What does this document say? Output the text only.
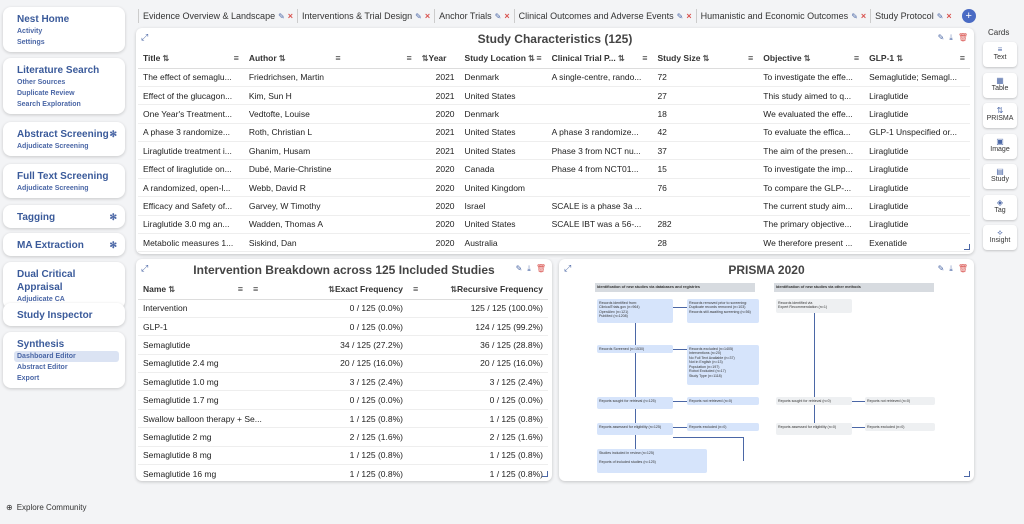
Nest Home
Activity
Settings
Literature Search
Other Sources
Duplicate Review
Search Exploration
Abstract Screening ✻
Adjudicate Screening
Full Text Screening
Adjudicate Screening
Tagging	✻
MA Extraction	✻
Dual Critical Appraisal
Adjudicate CA
Study Inspector
Synthesis
Dashboard Editor
Abstract Editor
Export
⊕ Explore Community
Evidence Overview & Landscape ✎ × Interventions & Trial Design ✎ × Anchor Trials ✎ × Clinical Outcomes and Adverse Events ✎ × Humanistic and Economic Outcomes ✎ × Study Protocol ✎ ×	+
⤢	Study Characteristics (125)	✎ ⤓ 🗑
Title ⇅ ≡	Author ⇅ ≡	≡	⇅Year	Study Location ⇅ ≡	Clinical Trial P... ⇅ ≡	Study Size ⇅ ≡	Objective ⇅ ≡	GLP-1 ⇅ ≡

The effect of semaglu...	Friedrichsen, Martin		2021	Denmark	A single-centre, rando...	72	To investigate the effe...	Semaglutide; Semagl...
Effect of the glucagon...	Kim, Sun H		2021	United States		27	This study aimed to q...	Liraglutide
One Year's Treatment...	Vedtofte, Louise		2020	Denmark		18	We evaluated the effe...	Liraglutide
A phase 3 randomize...	Roth, Christian L		2021	United States	A phase 3 randomize...	42	To evaluate the effica...	GLP-1 Unspecified or...
Liraglutide treatment i...	Ghanim, Husam		2021	United States	Phase 3 from NCT nu...	37	The aim of the presen...	Liraglutide
Effect of liraglutide on...	Dubé, Marie-Christine		2020	Canada	Phase 4 from NCT01...	15	To investigate the imp...	Liraglutide
A randomized, open-l...	Webb, David R		2020	United Kingdom		76	To compare the GLP-...	Liraglutide
Efficacy and Safety of...	Garvey, W Timothy		2020	Israel	SCALE is a phase 3a ...		The current study aim...	Liraglutide
Liraglutide 3.0 mg an...	Wadden, Thomas A		2020	United States	SCALE IBT was a 56-...	282	The primary objective...	Liraglutide
Metabolic measures 1...	Siskind, Dan		2020	Australia		28	We therefore present ...	Exenatide
⤢	Intervention Breakdown across 125 Included Studies	✎ ⤓ 🗑
Name ⇅ ≡	≡	⇅ Exact Frequency	≡	⇅ Recursive Frequency

Intervention		0 / 125 (0.0%)	125 / 125 (100.0%)	
GLP-1		0 / 125 (0.0%)	124 / 125 (99.2%)	
Semaglutide		34 / 125 (27.2%)	36 / 125 (28.8%)	
Semaglutide 2.4 mg		20 / 125 (16.0%)	20 / 125 (16.0%)	
Semaglutide 1.0 mg		3 / 125 (2.4%)	3 / 125 (2.4%)	
Semaglutide 1.7 mg		0 / 125 (0.0%)	0 / 125 (0.0%)	
Swallow balloon therapy + Se...		1 / 125 (0.8%)	1 / 125 (0.8%)	
Semaglutide 2 mg		2 / 125 (1.6%)	2 / 125 (1.6%)	
Semaglutide 8 mg		1 / 125 (0.8%)	1 / 125 (0.8%)	
Semaglutide 16 mg		1 / 125 (0.8%)	1 / 125 (0.8%)	
⤢	PRISMA 2020	✎ ⤓ 🗑
Identification of new studies via databases and registries	Identification of new studies via other methods
Records identified from:
ClinicalTrials.gov (n=964)
OpenAlex (n=121)
PubMed (n=1208)
Records removed prior to screening:
Duplicate records removed (n=103)
Records still awaiting screening (n=56)
Records Screened (n=1530)	Records excluded (n=1405)
Interventions (n=20)
No Full Text Available (n=37)
Not in English (n=13)
Population (n=197)
Robot Excluded (n=17)
Study Type (n=1118)
Reports sought for retrieval (n=125)	Reports not retrieved (n=0)
Reports assessed for eligibility (n=125)	Reports excluded (n=0)
Studies included in review (n=125)

Reports of included studies (n=125)
Records identified via
Expert Recommendation (n=1)
Reports sought for retrieval (n=0)	Reports not retrieved (n=0)
Reports assessed for eligibility (n=0)	Reports excluded (n=0)
Cards
≡
Text
▦
Table
⇅
PRISMA
▣
Image
▤
Study
◈
Tag
⟡
Insight
